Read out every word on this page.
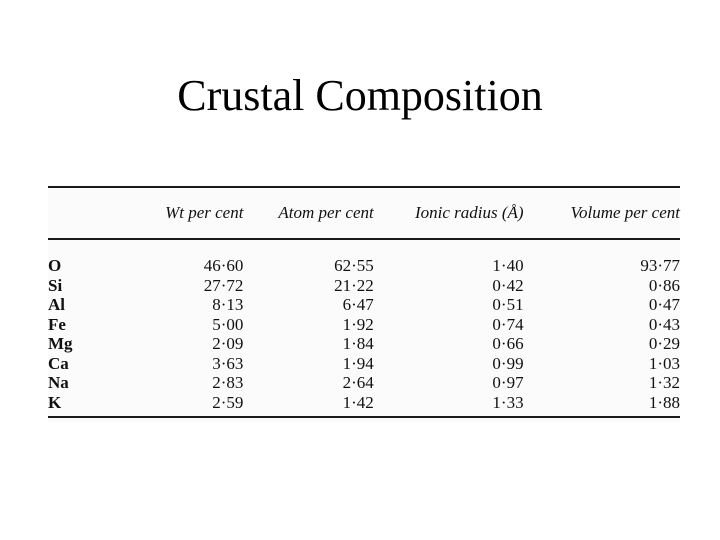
Crustal Composition
	Wt per cent	Atom per cent	Ionic radius (Å)	Volume per cent
O	46·60	62·55	1·40	93·77
Si	27·72	21·22	0·42	0·86
Al	8·13	6·47	0·51	0·47
Fe	5·00	1·92	0·74	0·43
Mg	2·09	1·84	0·66	0·29
Ca	3·63	1·94	0·99	1·03
Na	2·83	2·64	0·97	1·32
K	2·59	1·42	1·33	1·88
